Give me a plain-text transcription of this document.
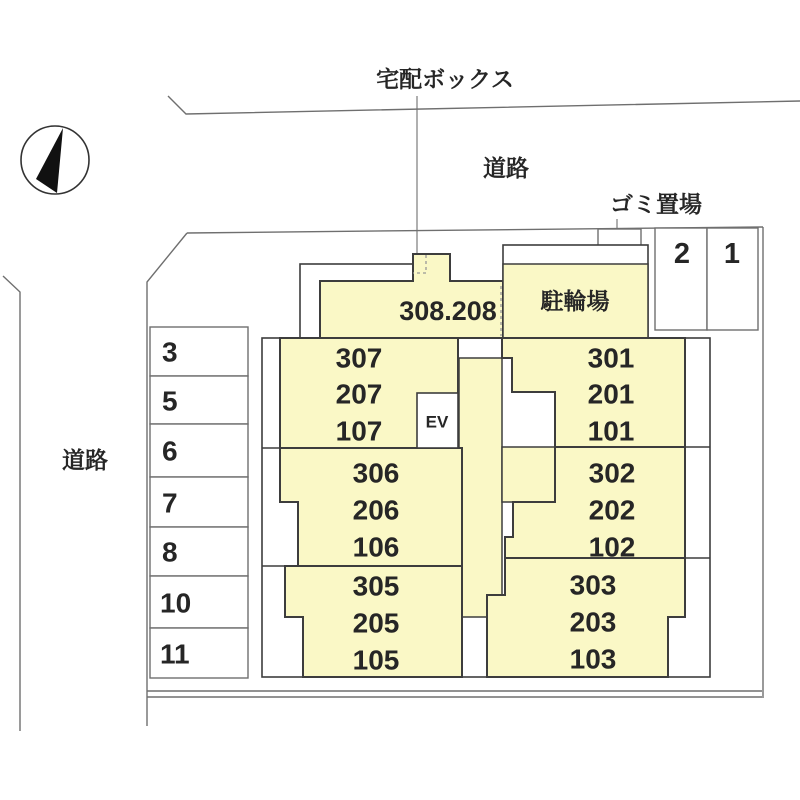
2 1
3
5
6
7
8
10
11
308.208 駐輪場
EV
307
207
107
306
206
106
305
205
105
301
201
101
302
202
102
303
203
103
宅配ボックス
道路
ゴミ置場
道路
